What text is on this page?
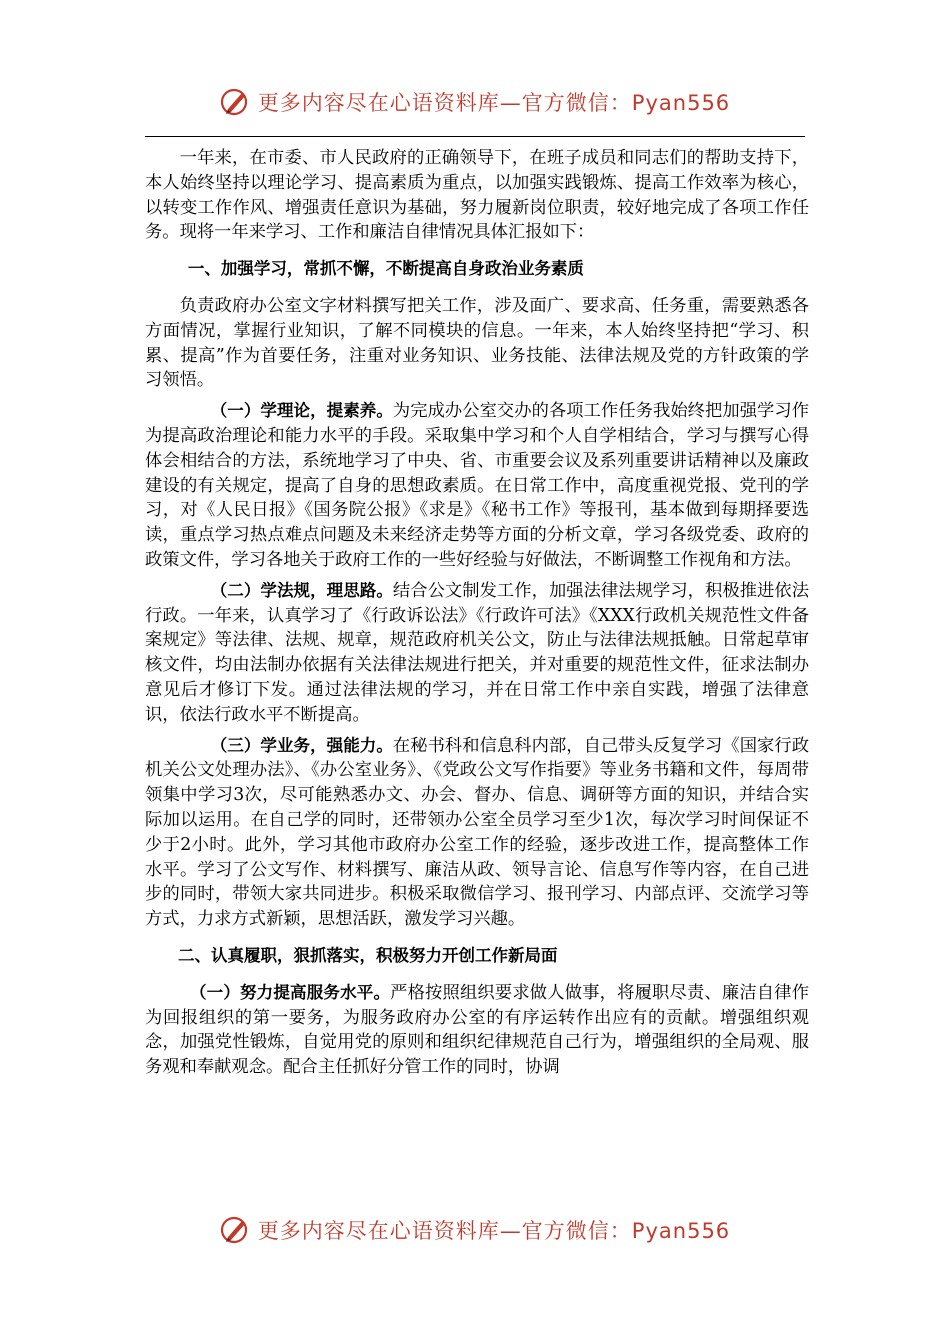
更多内容尽在心语资料库—官方微信：Pyan556

一年来，在市委、市人民政府的正确领导下，在班子成员和同志们的帮助支持下，本人始终坚持以理论学习、提高素质为重点，以加强实践锻炼、提高工作效率为核心，以转变工作作风、增强责任意识为基础，努力履新岗位职责，较好地完成了各项工作任务。现将一年来学习、工作和廉洁自律情况具体汇报如下：

一、加强学习，常抓不懈，不断提高自身政治业务素质

负责政府办公室文字材料撰写把关工作，涉及面广、要求高、任务重，需要熟悉各方面情况，掌握行业知识，了解不同模块的信息。一年来，本人始终坚持把“学习、积累、提高”作为首要任务，注重对业务知识、业务技能、法律法规及党的方针政策的学习领悟。

（一）学理论，提素养。为完成办公室交办的各项工作任务我始终把加强学习作为提高政治理论和能力水平的手段。采取集中学习和个人自学相结合，学习与撰写心得体会相结合的方法，系统地学习了中央、省、市重要会议及系列重要讲话精神以及廉政建设的有关规定，提高了自身的思想政素质。在日常工作中，高度重视党报、党刊的学习，对《人民日报》《国务院公报》《求是》《秘书工作》等报刊，基本做到每期择要选读，重点学习热点难点问题及未来经济走势等方面的分析文章，学习各级党委、政府的政策文件，学习各地关于政府工作的一些好经验与好做法，不断调整工作视角和方法。

（二）学法规，理思路。结合公文制发工作，加强法律法规学习，积极推进依法行政。一年来，认真学习了《行政诉讼法》《行政许可法》《XXX行政机关规范性文件备案规定》等法律、法规、规章，规范政府机关公文，防止与法律法规抵触。日常起草审核文件，均由法制办依据有关法律法规进行把关，并对重要的规范性文件，征求法制办意见后才修订下发。通过法律法规的学习，并在日常工作中亲自实践，增强了法律意识，依法行政水平不断提高。

（三）学业务，强能力。在秘书科和信息科内部，自己带头反复学习《国家行政机关公文处理办法》、《办公室业务》、《党政公文写作指要》等业务书籍和文件，每周带领集中学习3次，尽可能熟悉办文、办会、督办、信息、调研等方面的知识，并结合实际加以运用。在自己学的同时，还带领办公室全员学习至少1次，每次学习时间保证不少于2小时。此外，学习其他市政府办公室工作的经验，逐步改进工作，提高整体工作水平。学习了公文写作、材料撰写、廉洁从政、领导言论、信息写作等内容，在自己进步的同时，带领大家共同进步。积极采取微信学习、报刊学习、内部点评、交流学习等方式，力求方式新颖，思想活跃，激发学习兴趣。

二、认真履职，狠抓落实，积极努力开创工作新局面

（一）努力提高服务水平。严格按照组织要求做人做事，将履职尽责、廉洁自律作为回报组织的第一要务，为服务政府办公室的有序运转作出应有的贡献。增强组织观念，加强党性锻炼，自觉用党的原则和组织纪律规范自己行为，增强组织的全局观、服务观和奉献观念。配合主任抓好分管工作的同时，协调

更多内容尽在心语资料库—官方微信：Pyan556
